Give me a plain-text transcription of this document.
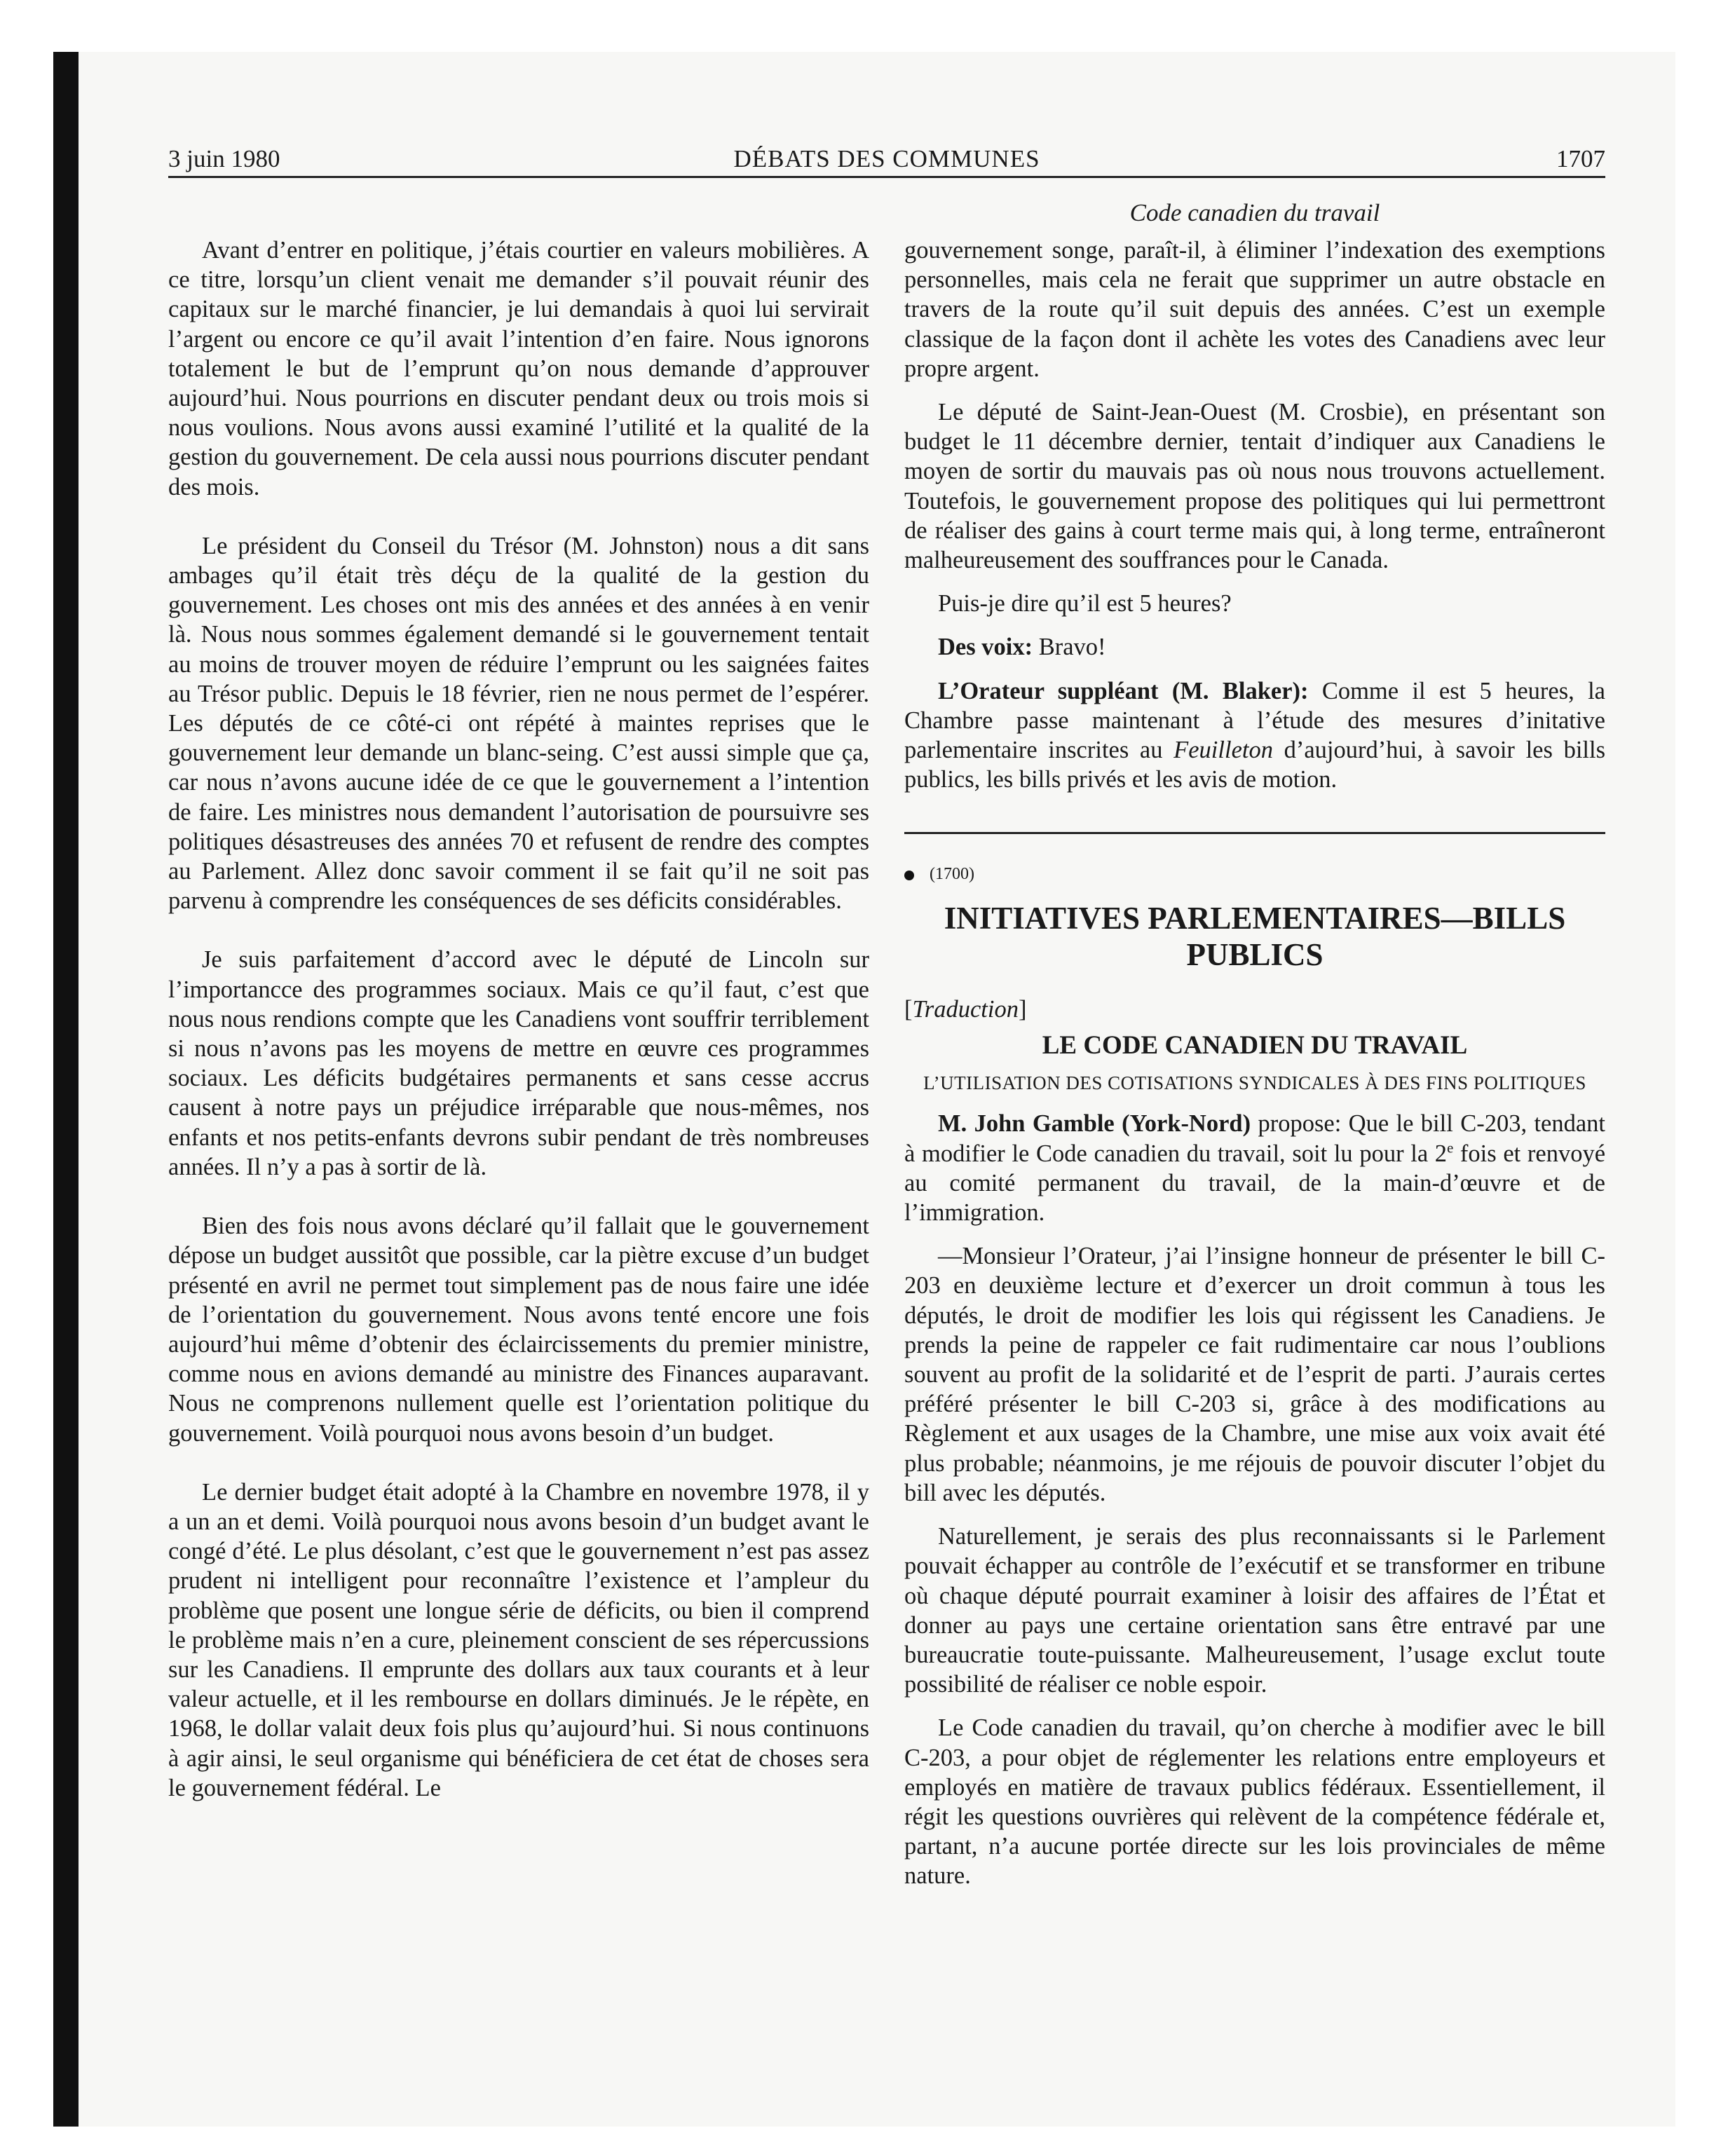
3 juin 1980	DÉBATS DES COMMUNES	1707
Code canadien du travail

Avant d’entrer en politique, j’étais courtier en valeurs mobilières. A ce titre, lorsqu’un client venait me demander s’il pouvait réunir des capitaux sur le marché financier, je lui demandais à quoi lui servirait l’argent ou encore ce qu’il avait l’intention d’en faire. Nous ignorons totalement le but de l’emprunt qu’on nous demande d’approuver aujourd’hui. Nous pourrions en discuter pendant deux ou trois mois si nous voulions. Nous avons aussi examiné l’utilité et la qualité de la gestion du gouvernement. De cela aussi nous pourrions discuter pendant des mois.

Le président du Conseil du Trésor (M. Johnston) nous a dit sans ambages qu’il était très déçu de la qualité de la gestion du gouvernement. Les choses ont mis des années et des années à en venir là. Nous nous sommes également demandé si le gouvernement tentait au moins de trouver moyen de réduire l’emprunt ou les saignées faites au Trésor public. Depuis le 18 février, rien ne nous permet de l’espérer. Les députés de ce côté-ci ont répété à maintes reprises que le gouvernement leur demande un blanc-seing. C’est aussi simple que ça, car nous n’avons aucune idée de ce que le gouvernement a l’intention de faire. Les ministres nous demandent l’autorisation de poursuivre ses politiques désastreuses des années 70 et refusent de rendre des comptes au Parlement. Allez donc savoir comment il se fait qu’il ne soit pas parvenu à comprendre les conséquences de ses déficits considérables.

Je suis parfaitement d’accord avec le député de Lincoln sur l’importancce des programmes sociaux. Mais ce qu’il faut, c’est que nous nous rendions compte que les Canadiens vont souffrir terriblement si nous n’avons pas les moyens de mettre en œuvre ces programmes sociaux. Les déficits budgétaires permanents et sans cesse accrus causent à notre pays un préjudice irréparable que nous-mêmes, nos enfants et nos petits-enfants devrons subir pendant de très nombreuses années. Il n’y a pas à sortir de là.

Bien des fois nous avons déclaré qu’il fallait que le gouvernement dépose un budget aussitôt que possible, car la piètre excuse d’un budget présenté en avril ne permet tout simplement pas de nous faire une idée de l’orientation du gouvernement. Nous avons tenté encore une fois aujourd’hui même d’obtenir des éclaircissements du premier ministre, comme nous en avions demandé au ministre des Finances auparavant. Nous ne comprenons nullement quelle est l’orientation politique du gouvernement. Voilà pourquoi nous avons besoin d’un budget.

Le dernier budget était adopté à la Chambre en novembre 1978, il y a un an et demi. Voilà pourquoi nous avons besoin d’un budget avant le congé d’été. Le plus désolant, c’est que le gouvernement n’est pas assez prudent ni intelligent pour reconnaître l’existence et l’ampleur du problème que posent une longue série de déficits, ou bien il comprend le problème mais n’en a cure, pleinement conscient de ses répercussions sur les Canadiens. Il emprunte des dollars aux taux courants et à leur valeur actuelle, et il les rembourse en dollars diminués. Je le répète, en 1968, le dollar valait deux fois plus qu’aujourd’hui. Si nous continuons à agir ainsi, le seul organisme qui bénéficiera de cet état de choses sera le gouvernement fédéral. Le

gouvernement songe, paraît-il, à éliminer l’indexation des exemptions personnelles, mais cela ne ferait que supprimer un autre obstacle en travers de la route qu’il suit depuis des années. C’est un exemple classique de la façon dont il achète les votes des Canadiens avec leur propre argent.

Le député de Saint-Jean-Ouest (M. Crosbie), en présentant son budget le 11 décembre dernier, tentait d’indiquer aux Canadiens le moyen de sortir du mauvais pas où nous nous trouvons actuellement. Toutefois, le gouvernement propose des politiques qui lui permettront de réaliser des gains à court terme mais qui, à long terme, entraîneront malheureusement des souffrances pour le Canada.

Puis-je dire qu’il est 5 heures?

Des voix: Bravo!

L’Orateur suppléant (M. Blaker): Comme il est 5 heures, la Chambre passe maintenant à l’étude des mesures d’initative parlementaire inscrites au Feuilleton d’aujourd’hui, à savoir les bills publics, les bills privés et les avis de motion.

(1700)
INITIATIVES PARLEMENTAIRES—BILLS PUBLICS
[Traduction]
LE CODE CANADIEN DU TRAVAIL
L’UTILISATION DES COTISATIONS SYNDICALES À DES FINS POLITIQUES

M. John Gamble (York-Nord) propose: Que le bill C-203, tendant à modifier le Code canadien du travail, soit lu pour la 2e fois et renvoyé au comité permanent du travail, de la main-d’œuvre et de l’immigration.

—Monsieur l’Orateur, j’ai l’insigne honneur de présenter le bill C-203 en deuxième lecture et d’exercer un droit commun à tous les députés, le droit de modifier les lois qui régissent les Canadiens. Je prends la peine de rappeler ce fait rudimentaire car nous l’oublions souvent au profit de la solidarité et de l’esprit de parti. J’aurais certes préféré présenter le bill C-203 si, grâce à des modifications au Règlement et aux usages de la Chambre, une mise aux voix avait été plus probable; néanmoins, je me réjouis de pouvoir discuter l’objet du bill avec les députés.

Naturellement, je serais des plus reconnaissants si le Parlement pouvait échapper au contrôle de l’exécutif et se transformer en tribune où chaque député pourrait examiner à loisir des affaires de l’État et donner au pays une certaine orientation sans être entravé par une bureaucratie toute-puissante. Malheureusement, l’usage exclut toute possibilité de réaliser ce noble espoir.

Le Code canadien du travail, qu’on cherche à modifier avec le bill C-203, a pour objet de réglementer les relations entre employeurs et employés en matière de travaux publics fédéraux. Essentiellement, il régit les questions ouvrières qui relèvent de la compétence fédérale et, partant, n’a aucune portée directe sur les lois provinciales de même nature.
